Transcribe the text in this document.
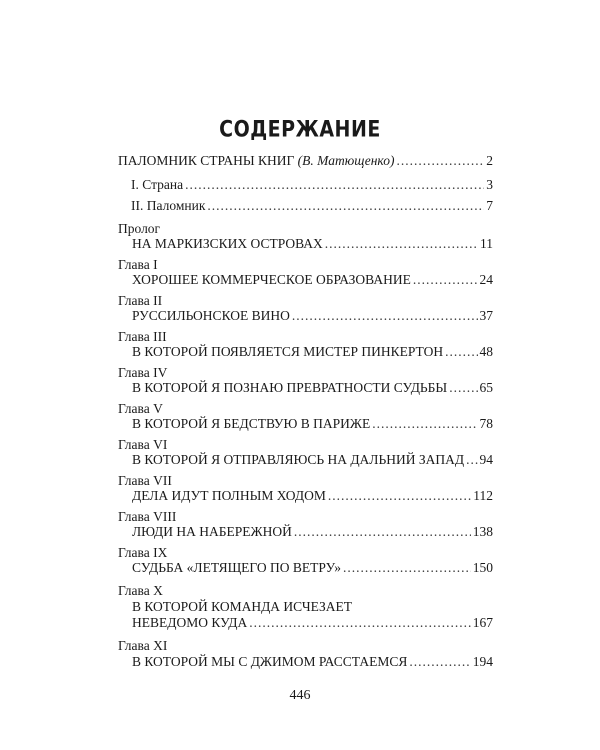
СОДЕРЖАНИЕ
ПАЛОМНИК СТРАНЫ КНИГ (В. Матющенко) .....	2
I. Страна .....	3
II. Паломник .....	7
Пролог
НА МАРКИЗСКИХ ОСТРОВАХ .....	11
Глава I
ХОРОШЕЕ КОММЕРЧЕСКОЕ ОБРАЗОВАНИЕ .....	24
Глава II
РУССИЛЬОНСКОЕ ВИНО .....	37
Глава III
В КОТОРОЙ ПОЯВЛЯЕТСЯ МИСТЕР ПИНКЕРТОН .....	48
Глава IV
В КОТОРОЙ Я ПОЗНАЮ ПРЕВРАТНОСТИ СУДЬБЫ ..... 65
Глава V
В КОТОРОЙ Я БЕДСТВУЮ В ПАРИЖЕ .....	78
Глава VI
В КОТОРОЙ Я ОТПРАВЛЯЮСЬ НА ДАЛЬНИЙ ЗАПАД ..... 94
Глава VII
ДЕЛА ИДУТ ПОЛНЫМ ХОДОМ .....	112
Глава VIII
ЛЮДИ НА НАБЕРЕЖНОЙ .....	138
Глава IX
СУДЬБА «ЛЕТЯЩЕГО ПО ВЕТРУ» .....	150
Глава X
В КОТОРОЙ КОМАНДА ИСЧЕЗАЕТ
НЕВЕДОМО КУДА .....	167
Глава XI
В КОТОРОЙ МЫ С ДЖИМОМ РАССТАЕМСЯ .....	194
446
